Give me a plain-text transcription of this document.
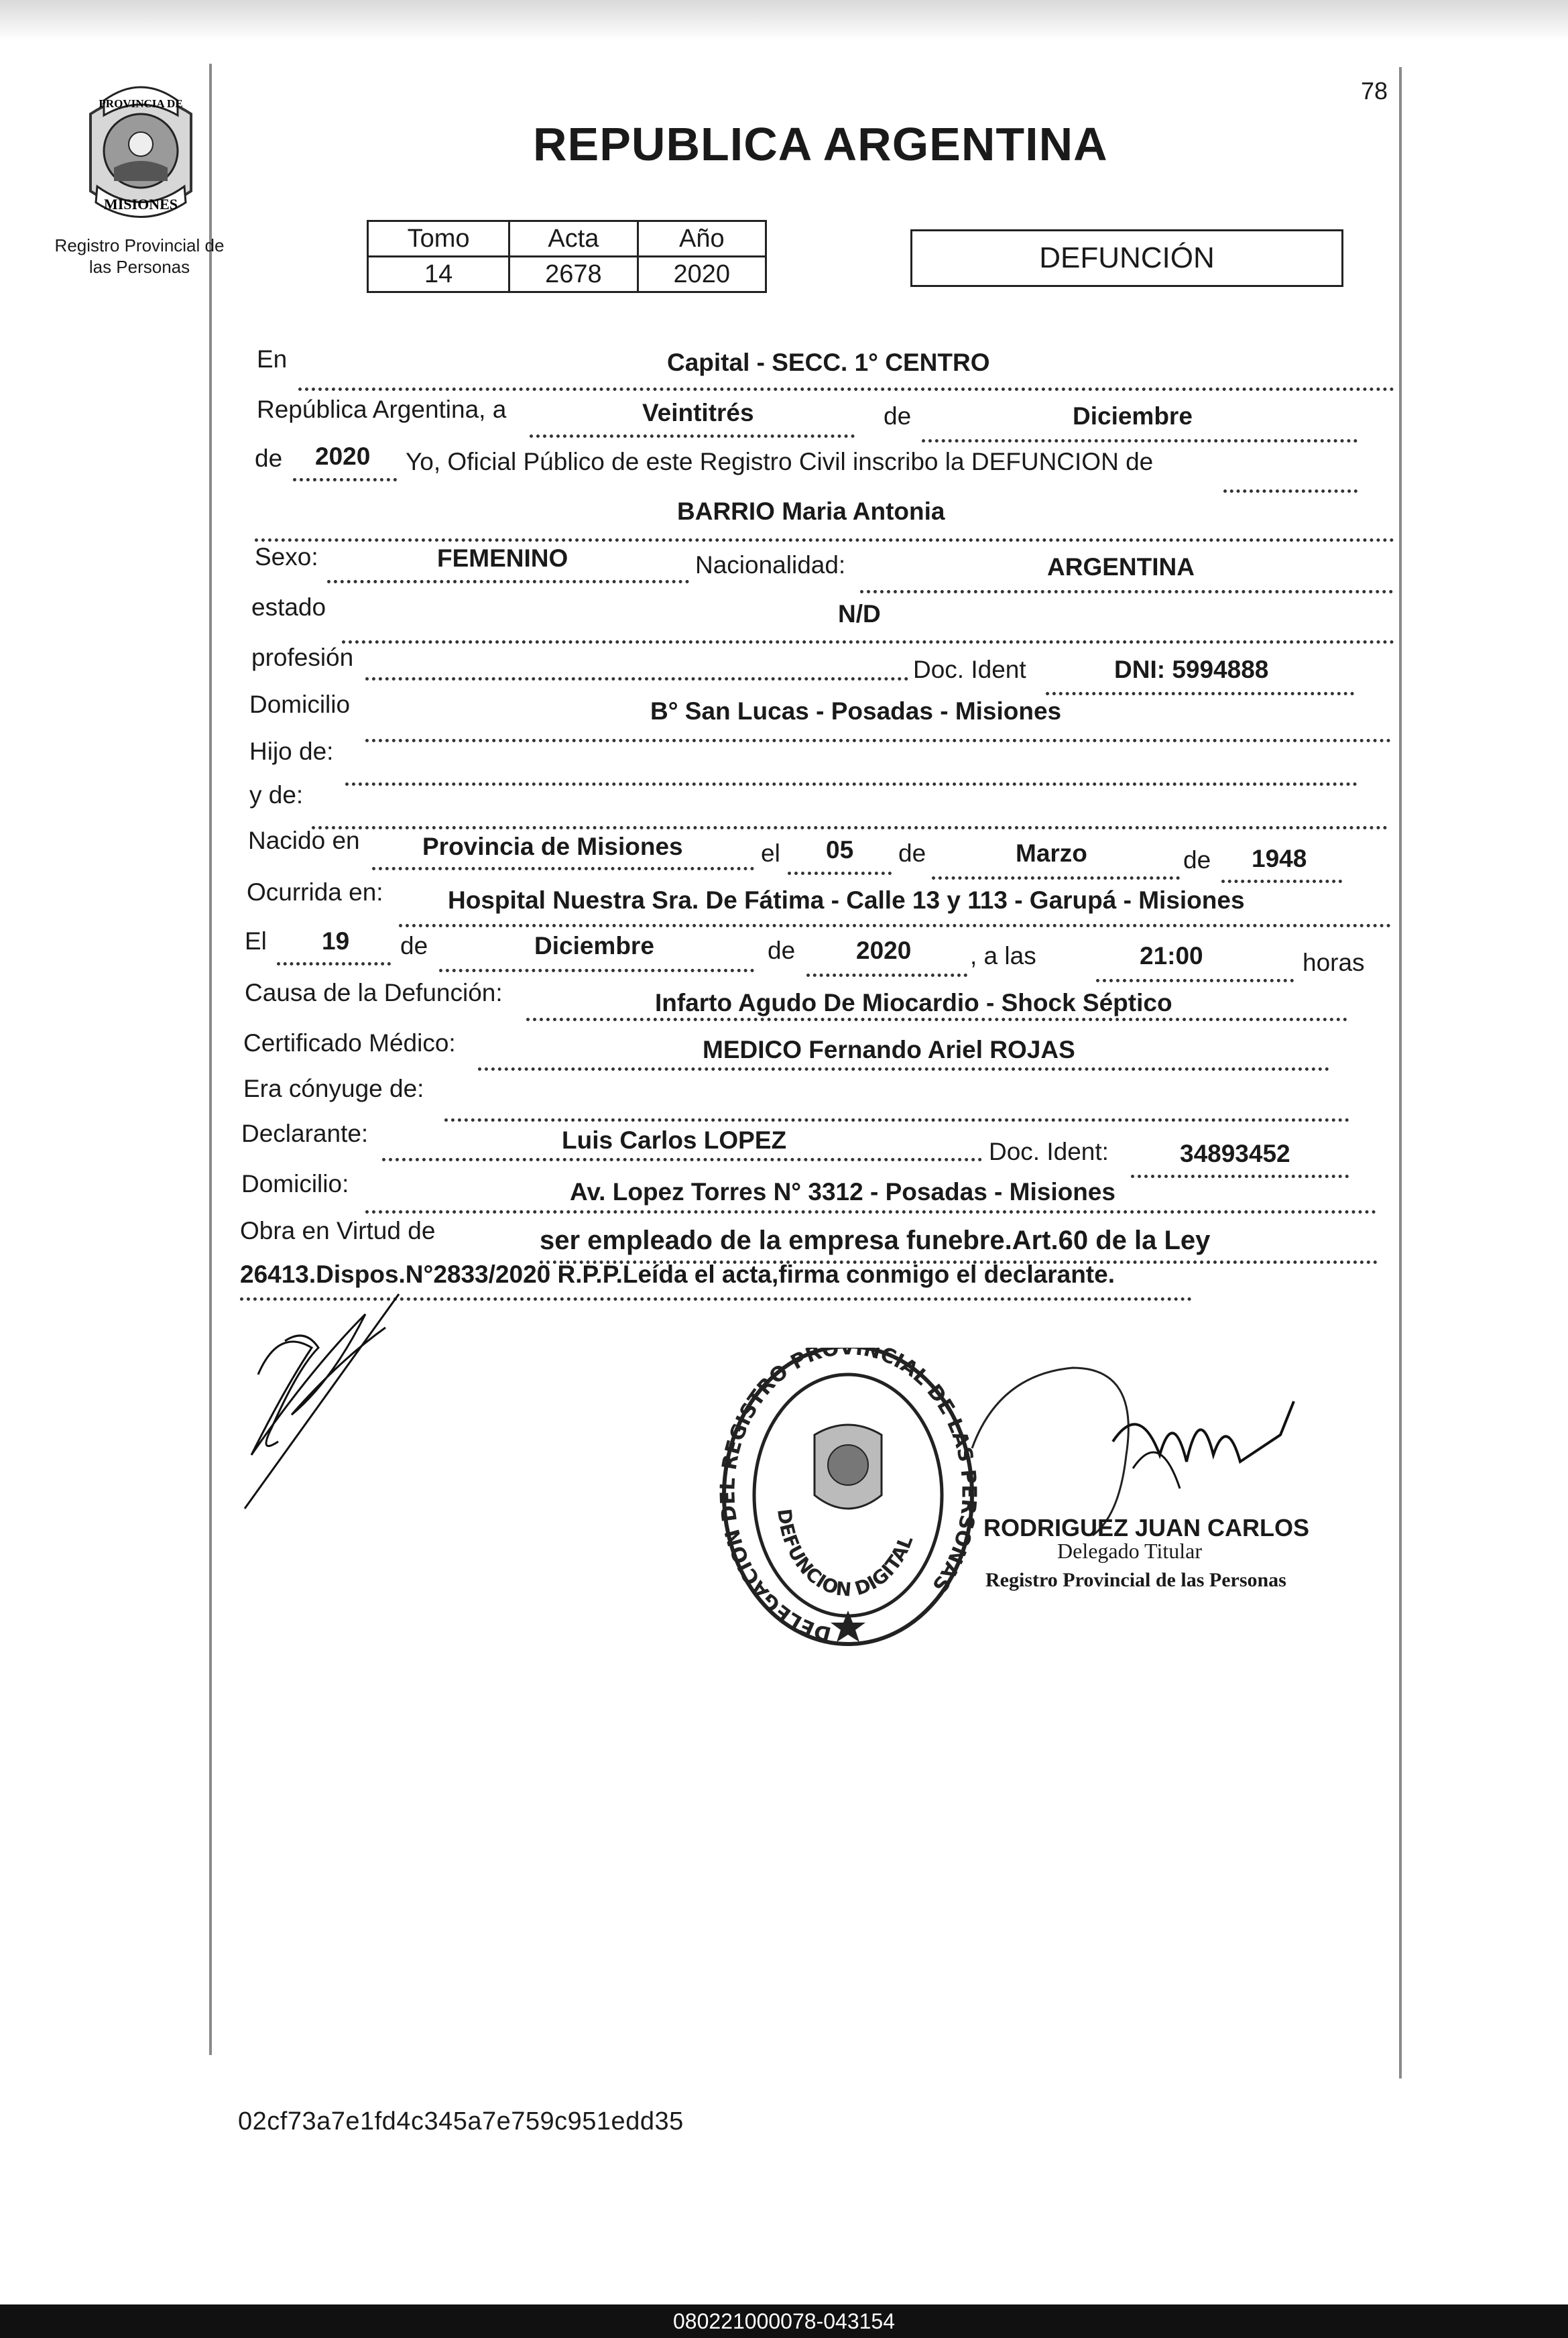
PROVINCIA DE
MISIONES
Registro Provincial de
las Personas
REPUBLICA ARGENTINA
78
Tomo	Acta	Año
14	2678	2020	DEFUNCIÓN
En	Capital - SECC. 1° CENTRO
República Argentina, a	Veintitrés	de	Diciembre
de 2020 Yo, Oficial Público de este Registro Civil inscribo la DEFUNCION de
BARRIO Maria Antonia
Sexo:	FEMENINO	Nacionalidad:	ARGENTINA
estado	N/D
profesión	Doc. Ident	DNI: 5994888
Domicilio	B° San Lucas - Posadas - Misiones
Hijo de:
y de:
Nacido en	Provincia de Misiones	el 05 de	Marzo	de 1948
Ocurrida en:	Hospital Nuestra Sra. De Fátima - Calle 13 y 113 - Garupá - Misiones
El 19 de	Diciembre	de 2020 , a las	21:00	horas
Causa de la Defunción:	Infarto Agudo De Miocardio - Shock Séptico
Certificado Médico:	MEDICO Fernando Ariel ROJAS
Era cónyuge de:
Declarante:	Luis Carlos LOPEZ	Doc. Ident:	34893452
Domicilio:	Av. Lopez Torres N° 3312 - Posadas - Misiones
Obra en Virtud de	ser empleado de la empresa funebre.Art.60 de la Ley
26413.Dispos.N°2833/2020 R.P.P.Leída el acta,firma conmigo el declarante.
DELEGACION DEL REGISTRO PROVINCIAL DE LAS PERSONAS
DEFUNCION DIGITAL
RODRIGUEZ JUAN CARLOS
Delegado Titular
Registro Provincial de las Personas
02cf73a7e1fd4c345a7e759c951edd35
080221000078-043154
